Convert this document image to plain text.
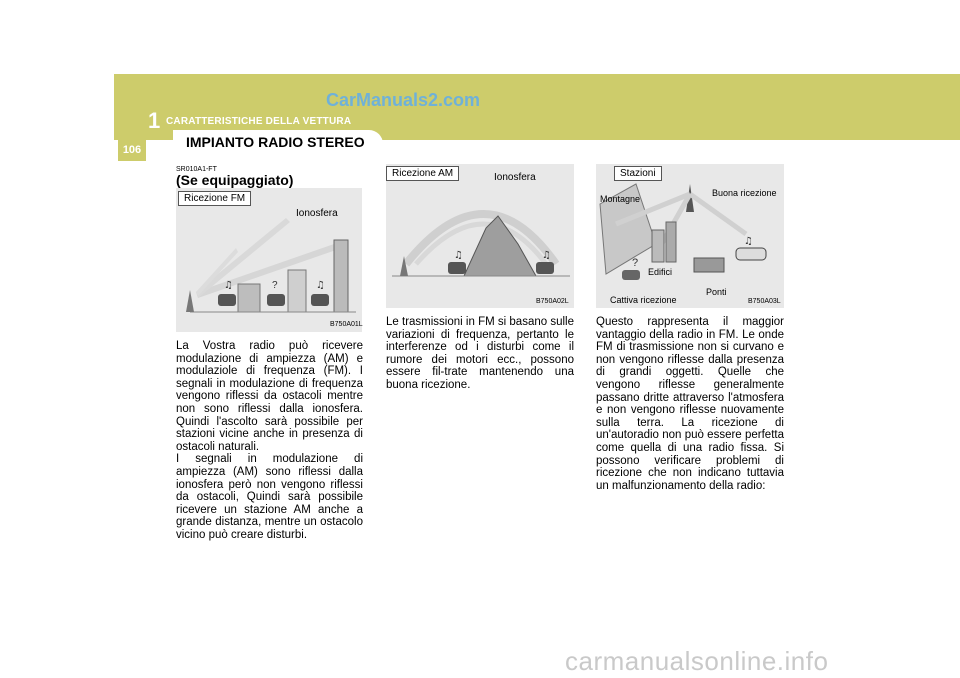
1 CARATTERISTICHE DELLA VETTURA
CarManuals2.com
106	IMPIANTO RADIO STEREO
SR010A1-FT
(Se equipaggiato)
?
♫	♫
Ricezione FM
Ionosfera
B750A01L
♫	♫
Ricezione AM	Ionosfera
B750A02L
?
♫
Stazioni
Montagne
Buona ricezione
Edifici
Cattiva ricezione
Ponti
B750A03L

La Vostra radio può ricevere modulazione di ampiezza (AM) e modulaziole di frequenza (FM). I segnali in modulazione di frequenza vengono riflessi da ostacoli mentre non sono riflessi dalla ionosfera. Quindi l'ascolto sarà possibile per stazioni vicine anche in presenza di ostacoli naturali.

I segnali in modulazione di ampiezza (AM) sono riflessi dalla ionosfera però non vengono riflessi da ostacoli, Quindi sarà possibile ricevere un stazione AM anche a grande distanza, mentre un ostacolo vicino può creare disturbi.

Le trasmissioni in FM si basano sulle variazioni di frequenza, pertanto le interferenze od i disturbi come il rumore dei motori ecc., possono essere fil-trate mantenendo una buona ricezione.

Questo rappresenta il maggior vantaggio della radio in FM. Le onde FM di trasmissione non si curvano e non vengono riflesse dalla presenza di grandi oggetti. Quelle che vengono riflesse generalmente passano dritte attraverso l'atmosfera e non vengono riflesse nuovamente sulla terra. La ricezione di un'autoradio non può essere perfetta come quella di una radio fissa. Si possono verificare problemi di ricezione che non indicano tuttavia un malfunzionamento della radio:

carmanualsonline.info
